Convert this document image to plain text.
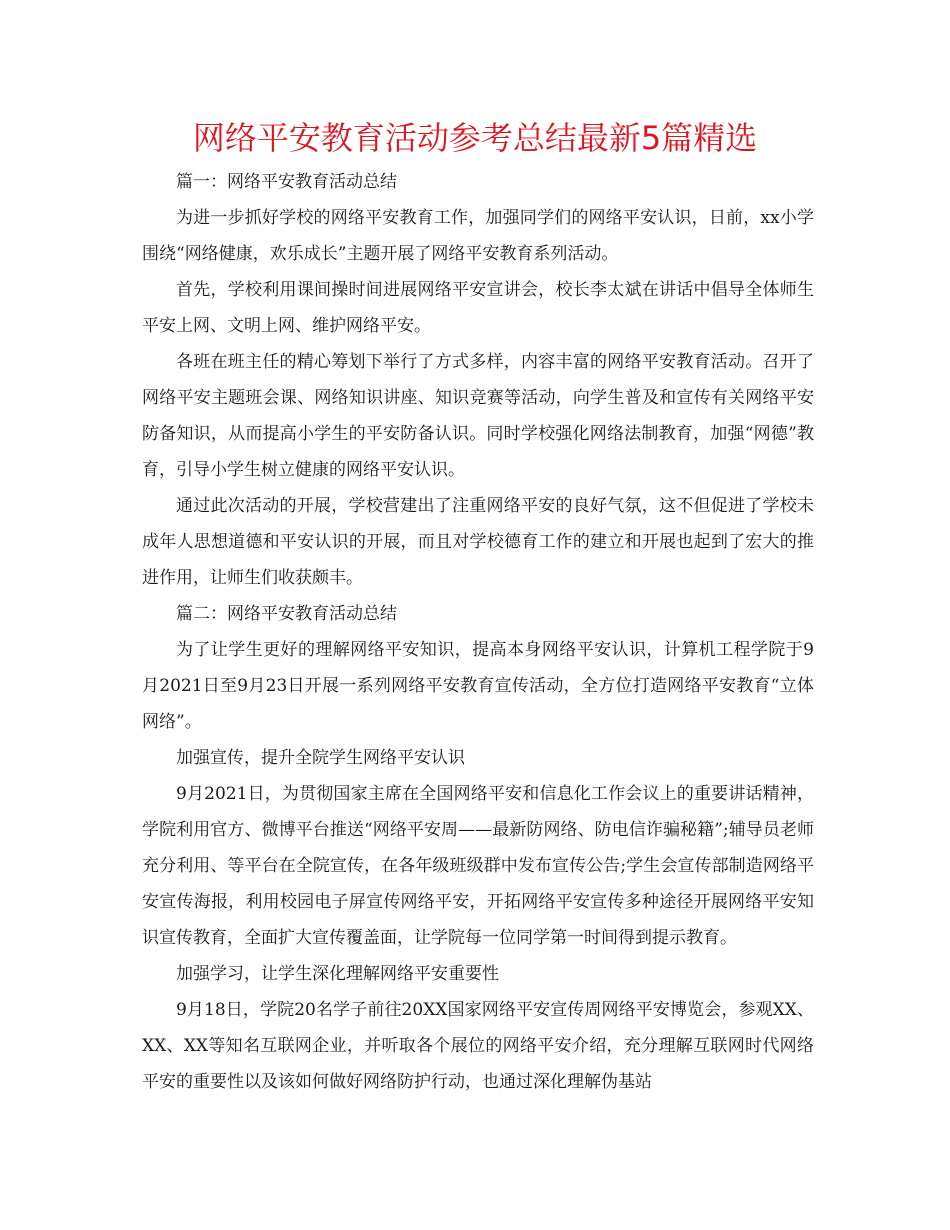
网络平安教育活动参考总结最新5篇精选

篇一：网络平安教育活动总结

为进一步抓好学校的网络平安教育工作，加强同学们的网络平安认识，日前，xx小学围绕“网络健康，欢乐成长”主题开展了网络平安教育系列活动。

首先，学校利用课间操时间进展网络平安宣讲会，校长李太斌在讲话中倡导全体师生平安上网、文明上网、维护网络平安。

各班在班主任的精心筹划下举行了方式多样，内容丰富的网络平安教育活动。召开了网络平安主题班会课、网络知识讲座、知识竞赛等活动，向学生普及和宣传有关网络平安防备知识，从而提高小学生的平安防备认识。同时学校强化网络法制教育，加强“网德”教育，引导小学生树立健康的网络平安认识。

通过此次活动的开展，学校营建出了注重网络平安的良好气氛，这不但促进了学校未成年人思想道德和平安认识的开展，而且对学校德育工作的建立和开展也起到了宏大的推进作用，让师生们收获颇丰。

篇二：网络平安教育活动总结

为了让学生更好的理解网络平安知识，提高本身网络平安认识，计算机工程学院于9月2021日至9月23日开展一系列网络平安教育宣传活动，全方位打造网络平安教育“立体网络”。

加强宣传，提升全院学生网络平安认识

9月2021日，为贯彻国家主席在全国网络平安和信息化工作会议上的重要讲话精神，学院利用官方、微博平台推送“网络平安周——最新防网络、防电信诈骗秘籍”;辅导员老师充分利用、等平台在全院宣传，在各年级班级群中发布宣传公告;学生会宣传部制造网络平安宣传海报，利用校园电子屏宣传网络平安，开拓网络平安宣传多种途径开展网络平安知识宣传教育，全面扩大宣传覆盖面，让学院每一位同学第一时间得到提示教育。

加强学习，让学生深化理解网络平安重要性

9月18日，学院20名学子前往20XX国家网络平安宣传周网络平安博览会，参观XX、XX、XX等知名互联网企业，并听取各个展位的网络平安介绍，充分理解互联网时代网络平安的重要性以及该如何做好网络防护行动，也通过深化理解伪基站
